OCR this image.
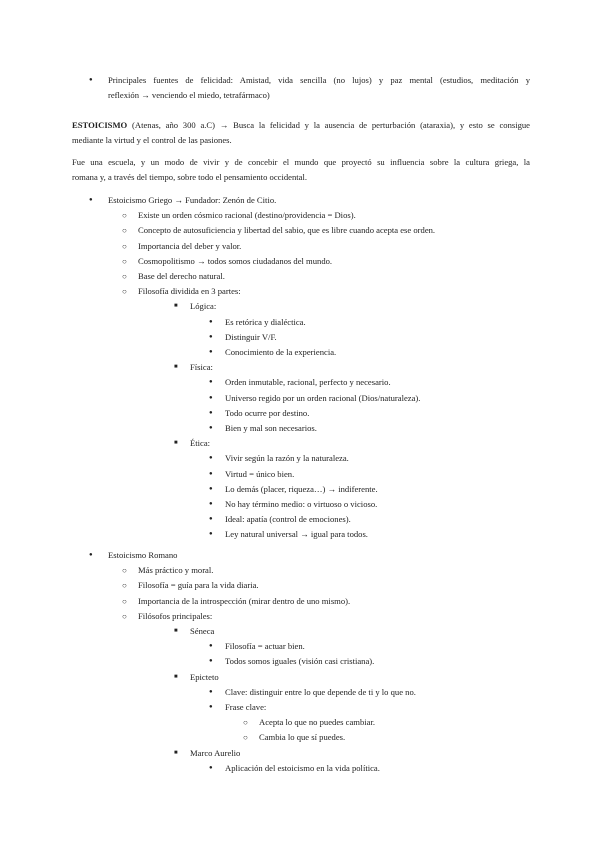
● Principales fuentes de felicidad: Amistad, vida sencilla (no lujos) y paz mental (estudios, meditación y

reflexión → venciendo el miedo, tetrafármaco)

ESTOICISMO (Atenas, año 300 a.C) → Busca la felicidad y la ausencia de perturbación (ataraxia), y esto se consigue

mediante la virtud y el control de las pasiones.

Fue una escuela, y un modo de vivir y de concebir el mundo que proyectó su influencia sobre la cultura griega, la

romana y, a través del tiempo, sobre todo el pensamiento occidental.

● Estoicismo Griego → Fundador: Zenón de Citio.
○ Existe un orden cósmico racional (destino/providencia = Dios).
○ Concepto de autosuficiencia y libertad del sabio, que es libre cuando acepta ese orden.
○ Importancia del deber y valor.
○ Cosmopolitismo → todos somos ciudadanos del mundo.
○ Base del derecho natural.
○ Filosofía dividida en 3 partes:
■ Lógica:
● Es retórica y dialéctica.
● Distinguir V/F.
● Conocimiento de la experiencia.
■ Física:
● Orden inmutable, racional, perfecto y necesario.
● Universo regido por un orden racional (Dios/naturaleza).
● Todo ocurre por destino.
● Bien y mal son necesarios.
■ Ética:
● Vivir según la razón y la naturaleza.
● Virtud = único bien.
● Lo demás (placer, riqueza…) → indiferente.
● No hay término medio: o virtuoso o vicioso.
● Ideal: apatía (control de emociones).
● Ley natural universal → igual para todos.
● Estoicismo Romano
○ Más práctico y moral.
○ Filosofía = guía para la vida diaria.
○ Importancia de la introspección (mirar dentro de uno mismo).
○ Filósofos principales:
■ Séneca
● Filosofía = actuar bien.
● Todos somos iguales (visión casi cristiana).
■ Epicteto
● Clave: distinguir entre lo que depende de ti y lo que no.
● Frase clave:
○ Acepta lo que no puedes cambiar.
○ Cambia lo que sí puedes.
■ Marco Aurelio
● Aplicación del estoicismo en la vida política.
